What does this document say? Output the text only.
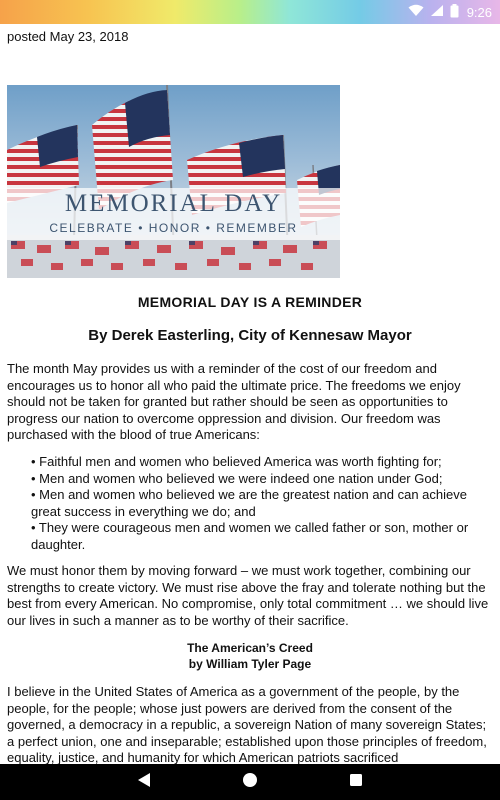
9:26
posted May 23, 2018
MEMORIAL DAY
CELEBRATE • HONOR • REMEMBER
MEMORIAL DAY IS A REMINDER
By Derek Easterling, City of Kennesaw Mayor

The month May provides us with a reminder of the cost of our freedom and encourages us to honor all who paid the ultimate price. The freedoms we enjoy should not be taken for granted but rather should be seen as opportunities to progress our nation to overcome oppression and division. Our freedom was purchased with the blood of true Americans:

• Faithful men and women who believed America was worth fighting for;
• Men and women who believed we were indeed one nation under God;
• Men and women who believed we are the greatest nation and can achieve great success in everything we do; and
• They were courageous men and women we called father or son, mother or daughter.

We must honor them by moving forward – we must work together, combining our strengths to create victory. We must rise above the fray and tolerate nothing but the best from every American. No compromise, only total commitment … we should live our lives in such a manner as to be worthy of their sacrifice.

The American’s Creed
by William Tyler Page

I believe in the United States of America as a government of the people, by the people, for the people; whose just powers are derived from the consent of the governed, a democracy in a republic, a sovereign Nation of many sovereign States; a perfect union, one and inseparable; established upon those principles of freedom, equality, justice, and humanity for which American patriots sacrificed
